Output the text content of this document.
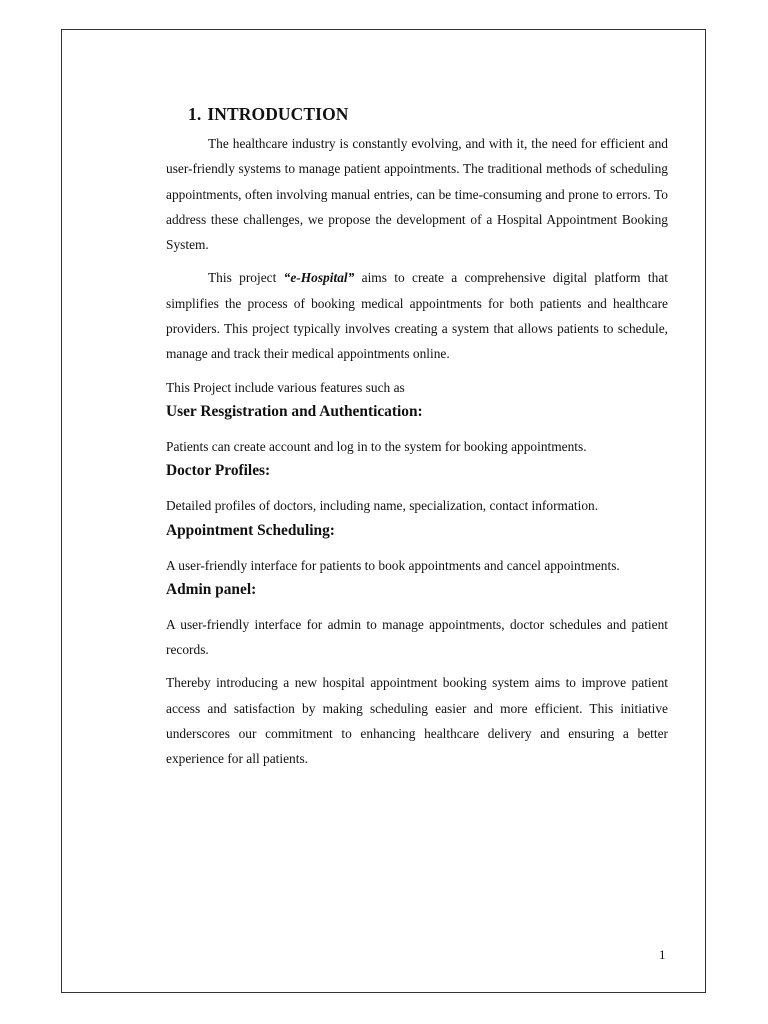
1. INTRODUCTION

The healthcare industry is constantly evolving, and with it, the need for efficient and user-friendly systems to manage patient appointments. The traditional methods of scheduling appointments, often involving manual entries, can be time-consuming and prone to errors. To address these challenges, we propose the development of a Hospital Appointment Booking System.

This project “e-Hospital” aims to create a comprehensive digital platform that simplifies the process of booking medical appointments for both patients and healthcare providers. This project typically involves creating a system that allows patients to schedule, manage and track their medical appointments online.

This Project include various features such as

User Resgistration and Authentication:

Patients can create account and log in to the system for booking appointments.

Doctor Profiles:

Detailed profiles of doctors, including name, specialization, contact information.

Appointment Scheduling:

A user-friendly interface for patients to book appointments and cancel appointments.

Admin panel:

A user-friendly interface for admin to manage appointments, doctor schedules and patient records.

Thereby introducing a new hospital appointment booking system aims to improve patient access and satisfaction by making scheduling easier and more efficient. This initiative underscores our commitment to enhancing healthcare delivery and ensuring a better experience for all patients.

1
